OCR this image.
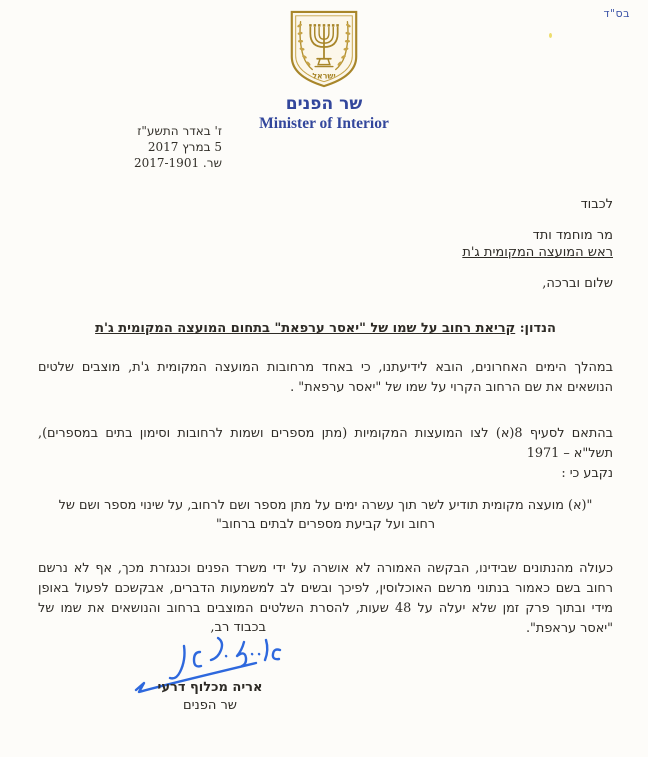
בס"ד
ישראל
שר הפנים
Minister of Interior
ז' באדר התשע"ז
5 במרץ 2017
שר. 2017-1901
לכבוד
מר מוחמד ותד
ראש המועצה המקומית ג'ת
שלום וברכה,
הנדון: קריאת רחוב על שמו של "יאסר ערפאת" בתחום המועצה המקומית ג'ת
במהלך הימים האחרונים, הובא לידיעתנו, כי באחד מרחובות המועצה המקומית ג'ת, מוצבים שלטים הנושאים את שם הרחוב הקרוי על שמו של "יאסר ערפאת" .
בהתאם לסעיף 8(א) לצו המועצות המקומיות (מתן מספרים ושמות לרחובות וסימון בתים במספרים), תשל"א – 1971
נקבע כי :
"(א) מועצה מקומית תודיע לשר תוך עשרה ימים על מתן מספר ושם לרחוב, על שינוי מספר ושם של רחוב ועל קביעת מספרים לבתים ברחוב"
כעולה מהנתונים שבידינו, הבקשה האמורה לא אושרה על ידי משרד הפנים וכנגזרת מכך, אף לא נרשם רחוב בשם כאמור בנתוני מרשם האוכלוסין, לפיכך ובשים לב למשמעות הדברים, אבקשכם לפעול באופן מידי ובתוך פרק זמן שלא יעלה על 48 שעות, להסרת השלטים המוצבים ברחוב והנושאים את שמו של "יאסר עראפת".
בכבוד רב,
אריה מכלוף דרעי
שר הפנים
